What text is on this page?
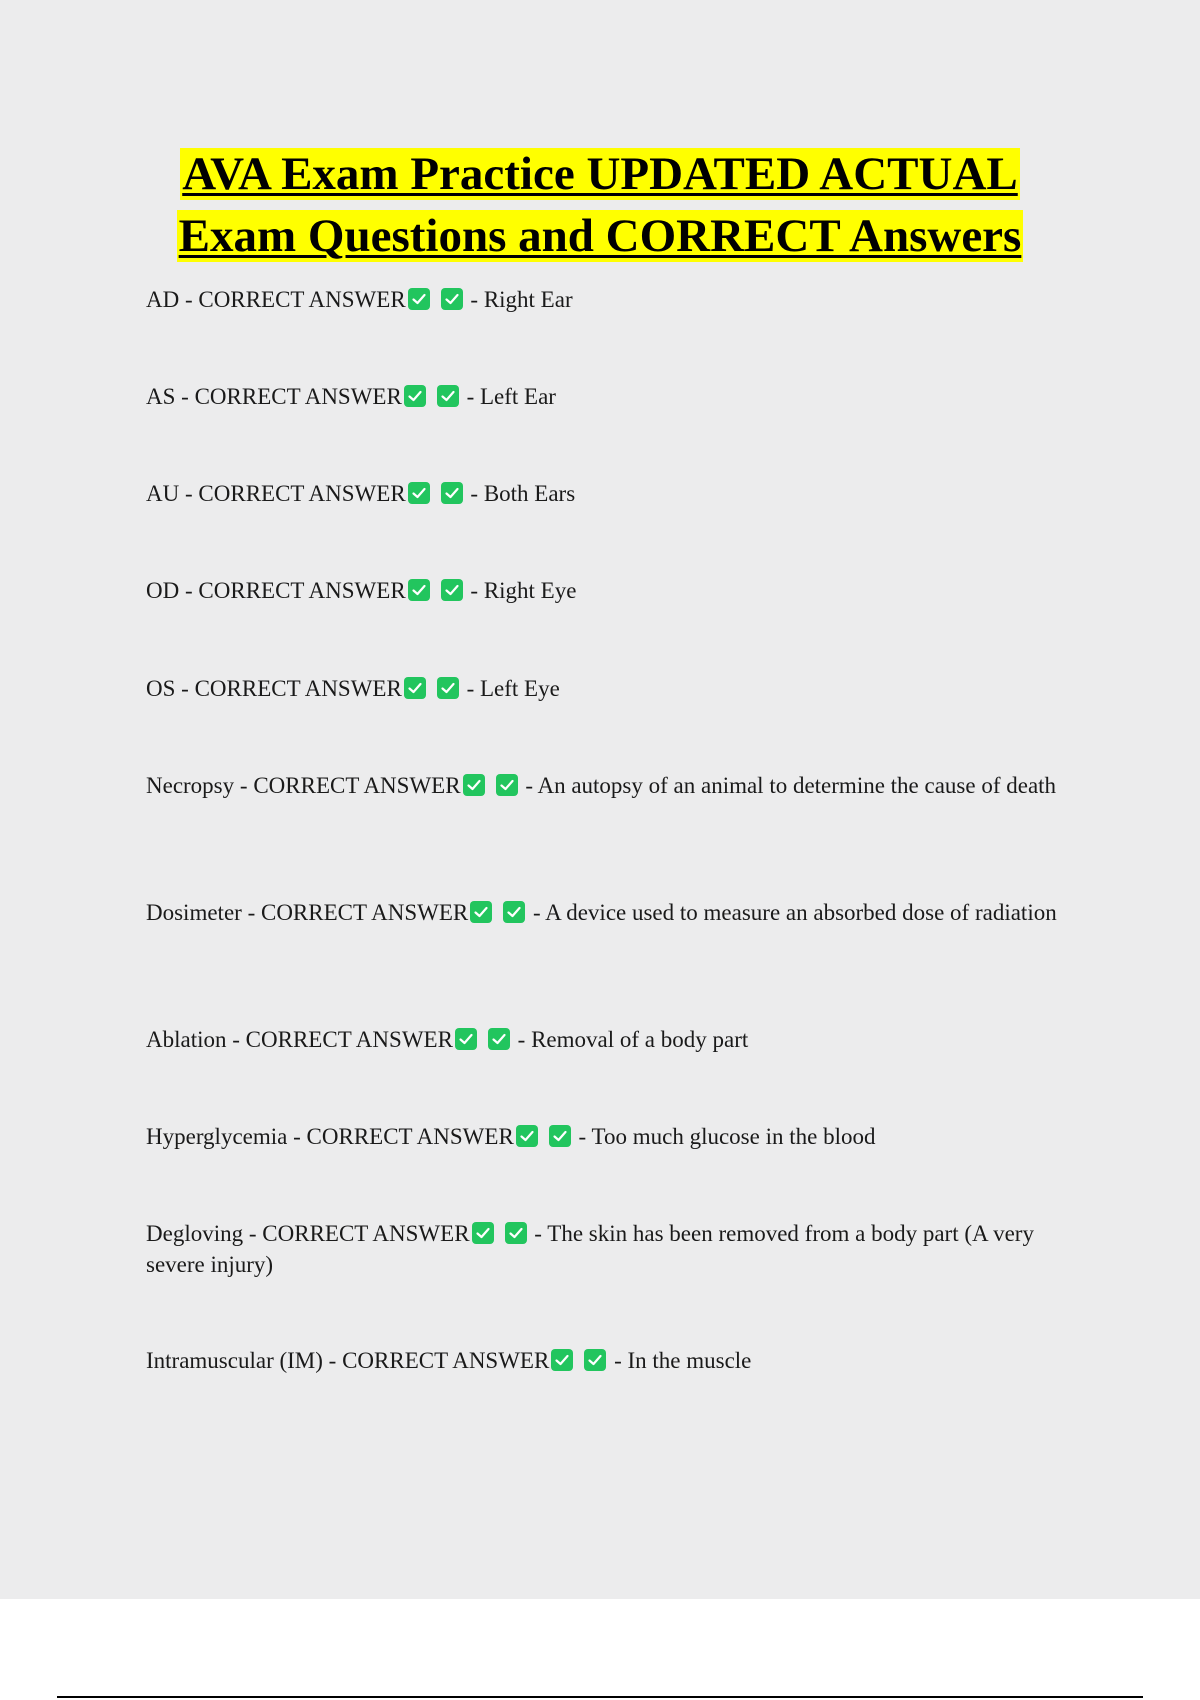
AVA Exam Practice UPDATED ACTUAL
Exam Questions and CORRECT Answers
AD - CORRECT ANSWER	- Right Ear
AS - CORRECT ANSWER	- Left Ear
AU - CORRECT ANSWER	- Both Ears
OD - CORRECT ANSWER	- Right Eye
OS - CORRECT ANSWER	- Left Eye
Necropsy - CORRECT ANSWER	- An autopsy of an animal to determine the cause of death
Dosimeter - CORRECT ANSWER	- A device used to measure an absorbed dose of radiation
Ablation - CORRECT ANSWER	- Removal of a body part
Hyperglycemia - CORRECT ANSWER	- Too much glucose in the blood
Degloving - CORRECT ANSWER	- The skin has been removed from a body part (A very severe injury)
Intramuscular (IM) - CORRECT ANSWER	- In the muscle
